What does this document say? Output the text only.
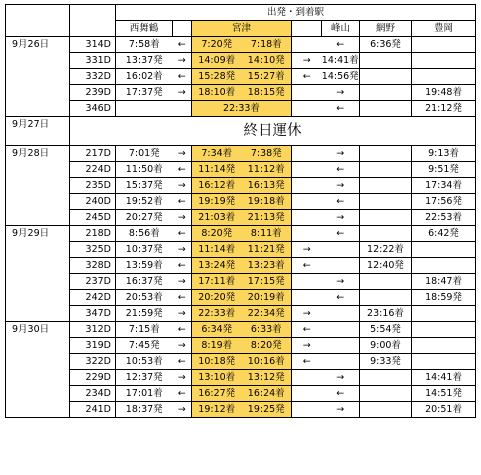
		出発・到着駅							
		西舞鶴		宮津			峰山	網野	豊岡
9月26日	314D	7:58着	←	7:20発	7:18着		←	6:36発	
	331D	13:37発	→	14:09着	14:10発	→	14:41着		
	332D	16:02着	←	15:28発	15:27着	←	14:56発		
	239D	17:37発	→	18:10着	18:15発		→		19:48着
	346D			22:33着			←		21:12発
9月27日	終日運休								
9月28日	217D	7:01発	→	7:34着	7:38発		→		9:13着
	224D	11:50着	←	11:14発	11:12着		←		9:51発
	235D	15:37発	→	16:12着	16:13発		→		17:34着
	240D	19:52着	←	19:19発	19:18着		←		17:56発
	245D	20:27発	→	21:03着	21:13発		→		22:53着
9月29日	218D	8:56着	←	8:20発	8:11着		←		6:42発
	325D	10:37発	→	11:14着	11:21発	→		12:22着	
	328D	13:59着	←	13:24発	13:23着	←		12:40発	
	237D	16:37発	→	17:11着	17:15発		→		18:47着
	242D	20:53着	←	20:20発	20:19着		←		18:59発
	347D	21:59発	→	22:33着	22:34発	→		23:16着	
9月30日	312D	7:15着	←	6:34発	6:33着	←		5:54発	
	319D	7:45発	→	8:19着	8:20発	→		9:00着	
	322D	10:53着	←	10:18発	10:16着	←		9:33発	
	229D	12:37発	→	13:10着	13:12発		→		14:41着
	234D	17:01着	←	16:27発	16:24着		←		14:51発
	241D	18:37発	→	19:12着	19:25発		→		20:51着
